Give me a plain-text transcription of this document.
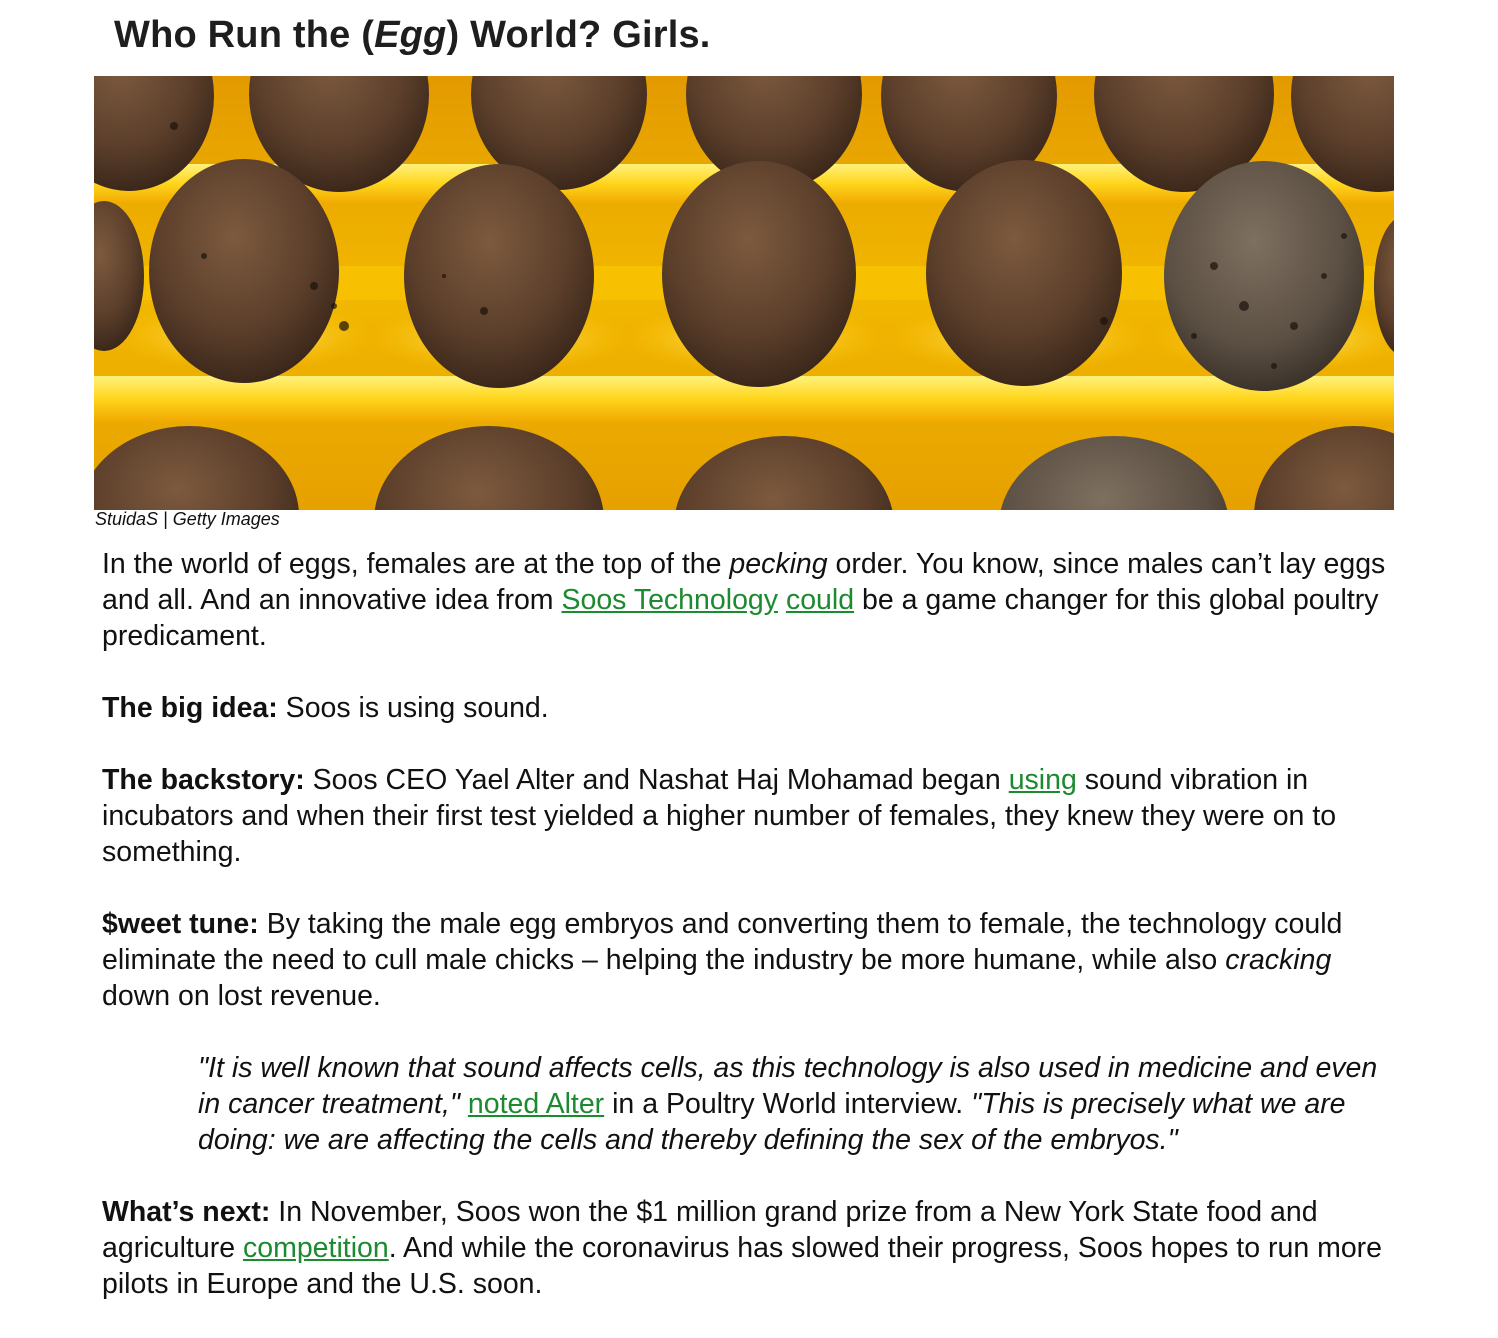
Who Run the (Egg) World? Girls.
StuidaS | Getty Images

In the world of eggs, females are at the top of the pecking order. You know, since males can’t lay eggs and all. And an innovative idea from Soos Technology could be a game changer for this global poultry predicament.

The big idea: Soos is using sound.

The backstory: Soos CEO Yael Alter and Nashat Haj Mohamad began using sound vibration in incubators and when their first test yielded a higher number of females, they knew they were on to something.

$weet tune: By taking the male egg embryos and converting them to female, the technology could eliminate the need to cull male chicks – helping the industry be more humane, while also cracking down on lost revenue.

"It is well known that sound affects cells, as this technology is also used in medicine and even in cancer treatment," noted Alter in a Poultry World interview. "This is precisely what we are doing: we are affecting the cells and thereby defining the sex of the embryos."

What’s next: In November, Soos won the $1 million grand prize from a New York State food and agriculture competition. And while the coronavirus has slowed their progress, Soos hopes to run more pilots in Europe and the U.S. soon.
